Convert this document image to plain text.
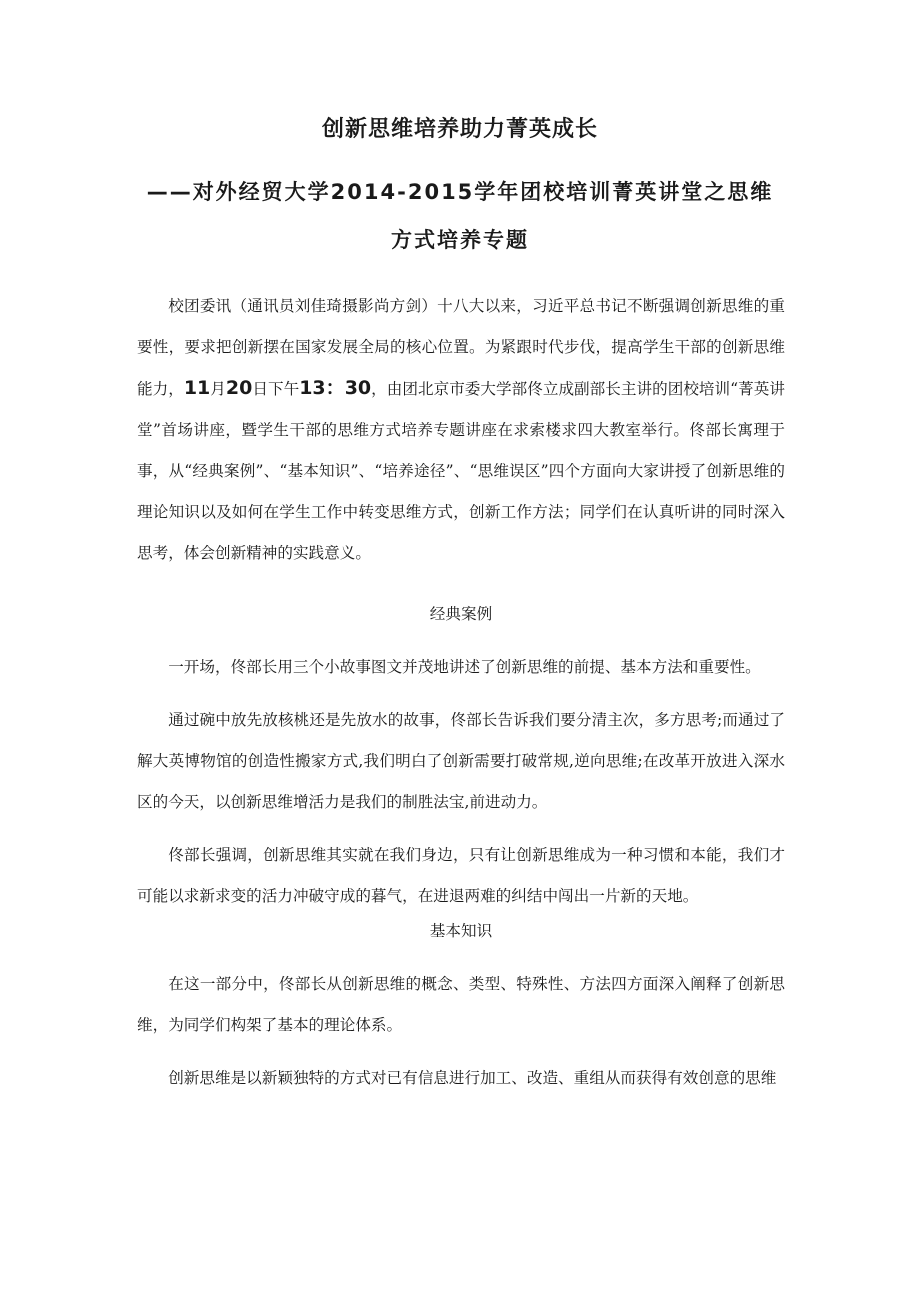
创新思维培养助力菁英成长
——对外经贸大学2014-2015学年团校培训菁英讲堂之思维方式培养专题

校团委讯（通讯员刘佳琦摄影尚方剑）十八大以来，习近平总书记不断强调创新思维的重要性，要求把创新摆在国家发展全局的核心位置。为紧跟时代步伐，提高学生干部的创新思维能力，11月20日下午13：30，由团北京市委大学部佟立成副部长主讲的团校培训“菁英讲堂”首场讲座，暨学生干部的思维方式培养专题讲座在求索楼求四大教室举行。佟部长寓理于事，从“经典案例”、“基本知识”、“培养途径”、“思维误区”四个方面向大家讲授了创新思维的理论知识以及如何在学生工作中转变思维方式，创新工作方法；同学们在认真听讲的同时深入思考，体会创新精神的实践意义。

经典案例

一开场，佟部长用三个小故事图文并茂地讲述了创新思维的前提、基本方法和重要性。

通过碗中放先放核桃还是先放水的故事，佟部长告诉我们要分清主次，多方思考;而通过了解大英博物馆的创造性搬家方式,我们明白了创新需要打破常规,逆向思维;在改革开放进入深水区的今天，以创新思维增活力是我们的制胜法宝,前进动力。

佟部长强调，创新思维其实就在我们身边，只有让创新思维成为一种习惯和本能，我们才可能以求新求变的活力冲破守成的暮气，在进退两难的纠结中闯出一片新的天地。

基本知识

在这一部分中，佟部长从创新思维的概念、类型、特殊性、方法四方面深入阐释了创新思维，为同学们构架了基本的理论体系。

创新思维是以新颖独特的方式对已有信息进行加工、改造、重组从而获得有效创意的思维
